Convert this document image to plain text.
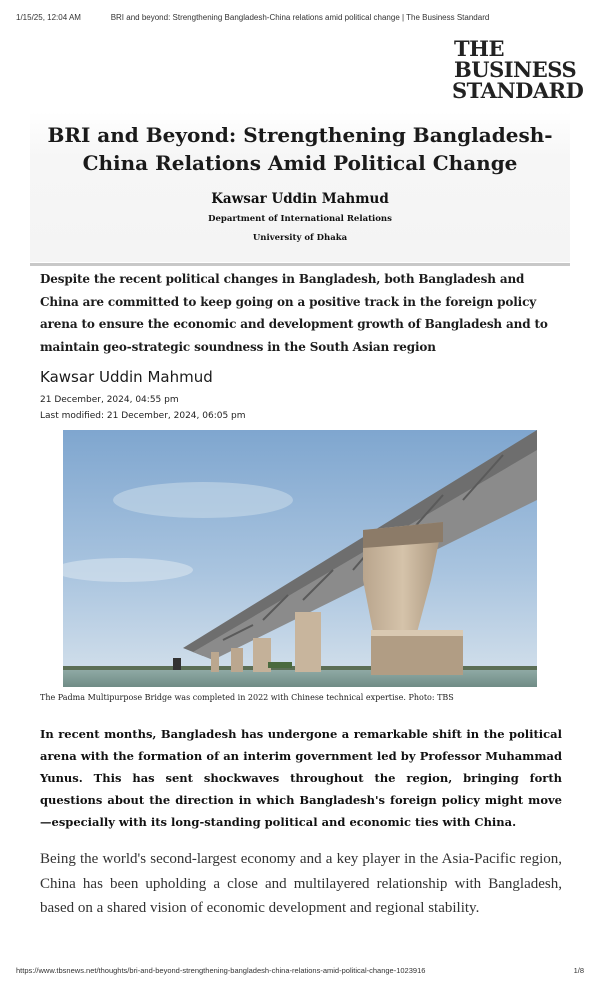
1/15/25, 12:04 AM	BRI and beyond: Strengthening Bangladesh-China relations amid political change | The Business Standard
THE
BUSINESS
STANDARD
BRI and Beyond: Strengthening Bangladesh-China Relations Amid Political Change
Kawsar Uddin Mahmud
Department of International Relations
University of Dhaka

Despite the recent political changes in Bangladesh, both Bangladesh and China are committed to keep going on a positive track in the foreign policy arena to ensure the economic and development growth of Bangladesh and to maintain geo-strategic soundness in the South Asian region

Kawsar Uddin Mahmud
21 December, 2024, 04:55 pm
Last modified: 21 December, 2024, 06:05 pm
The Padma Multipurpose Bridge was completed in 2022 with Chinese technical expertise. Photo: TBS

In recent months, Bangladesh has undergone a remarkable shift in the political arena with the formation of an interim government led by Professor Muhammad Yunus. This has sent shockwaves throughout the region, bringing forth questions about the direction in which Bangladesh's foreign policy might move—especially with its long-standing political and economic ties with China.

Being the world's second-largest economy and a key player in the Asia-Pacific region, China has been upholding a close and multilayered relationship with Bangladesh, based on a shared vision of economic development and regional stability.

https://www.tbsnews.net/thoughts/bri-and-beyond-strengthening-bangladesh-china-relations-amid-political-change-1023916	1/8
